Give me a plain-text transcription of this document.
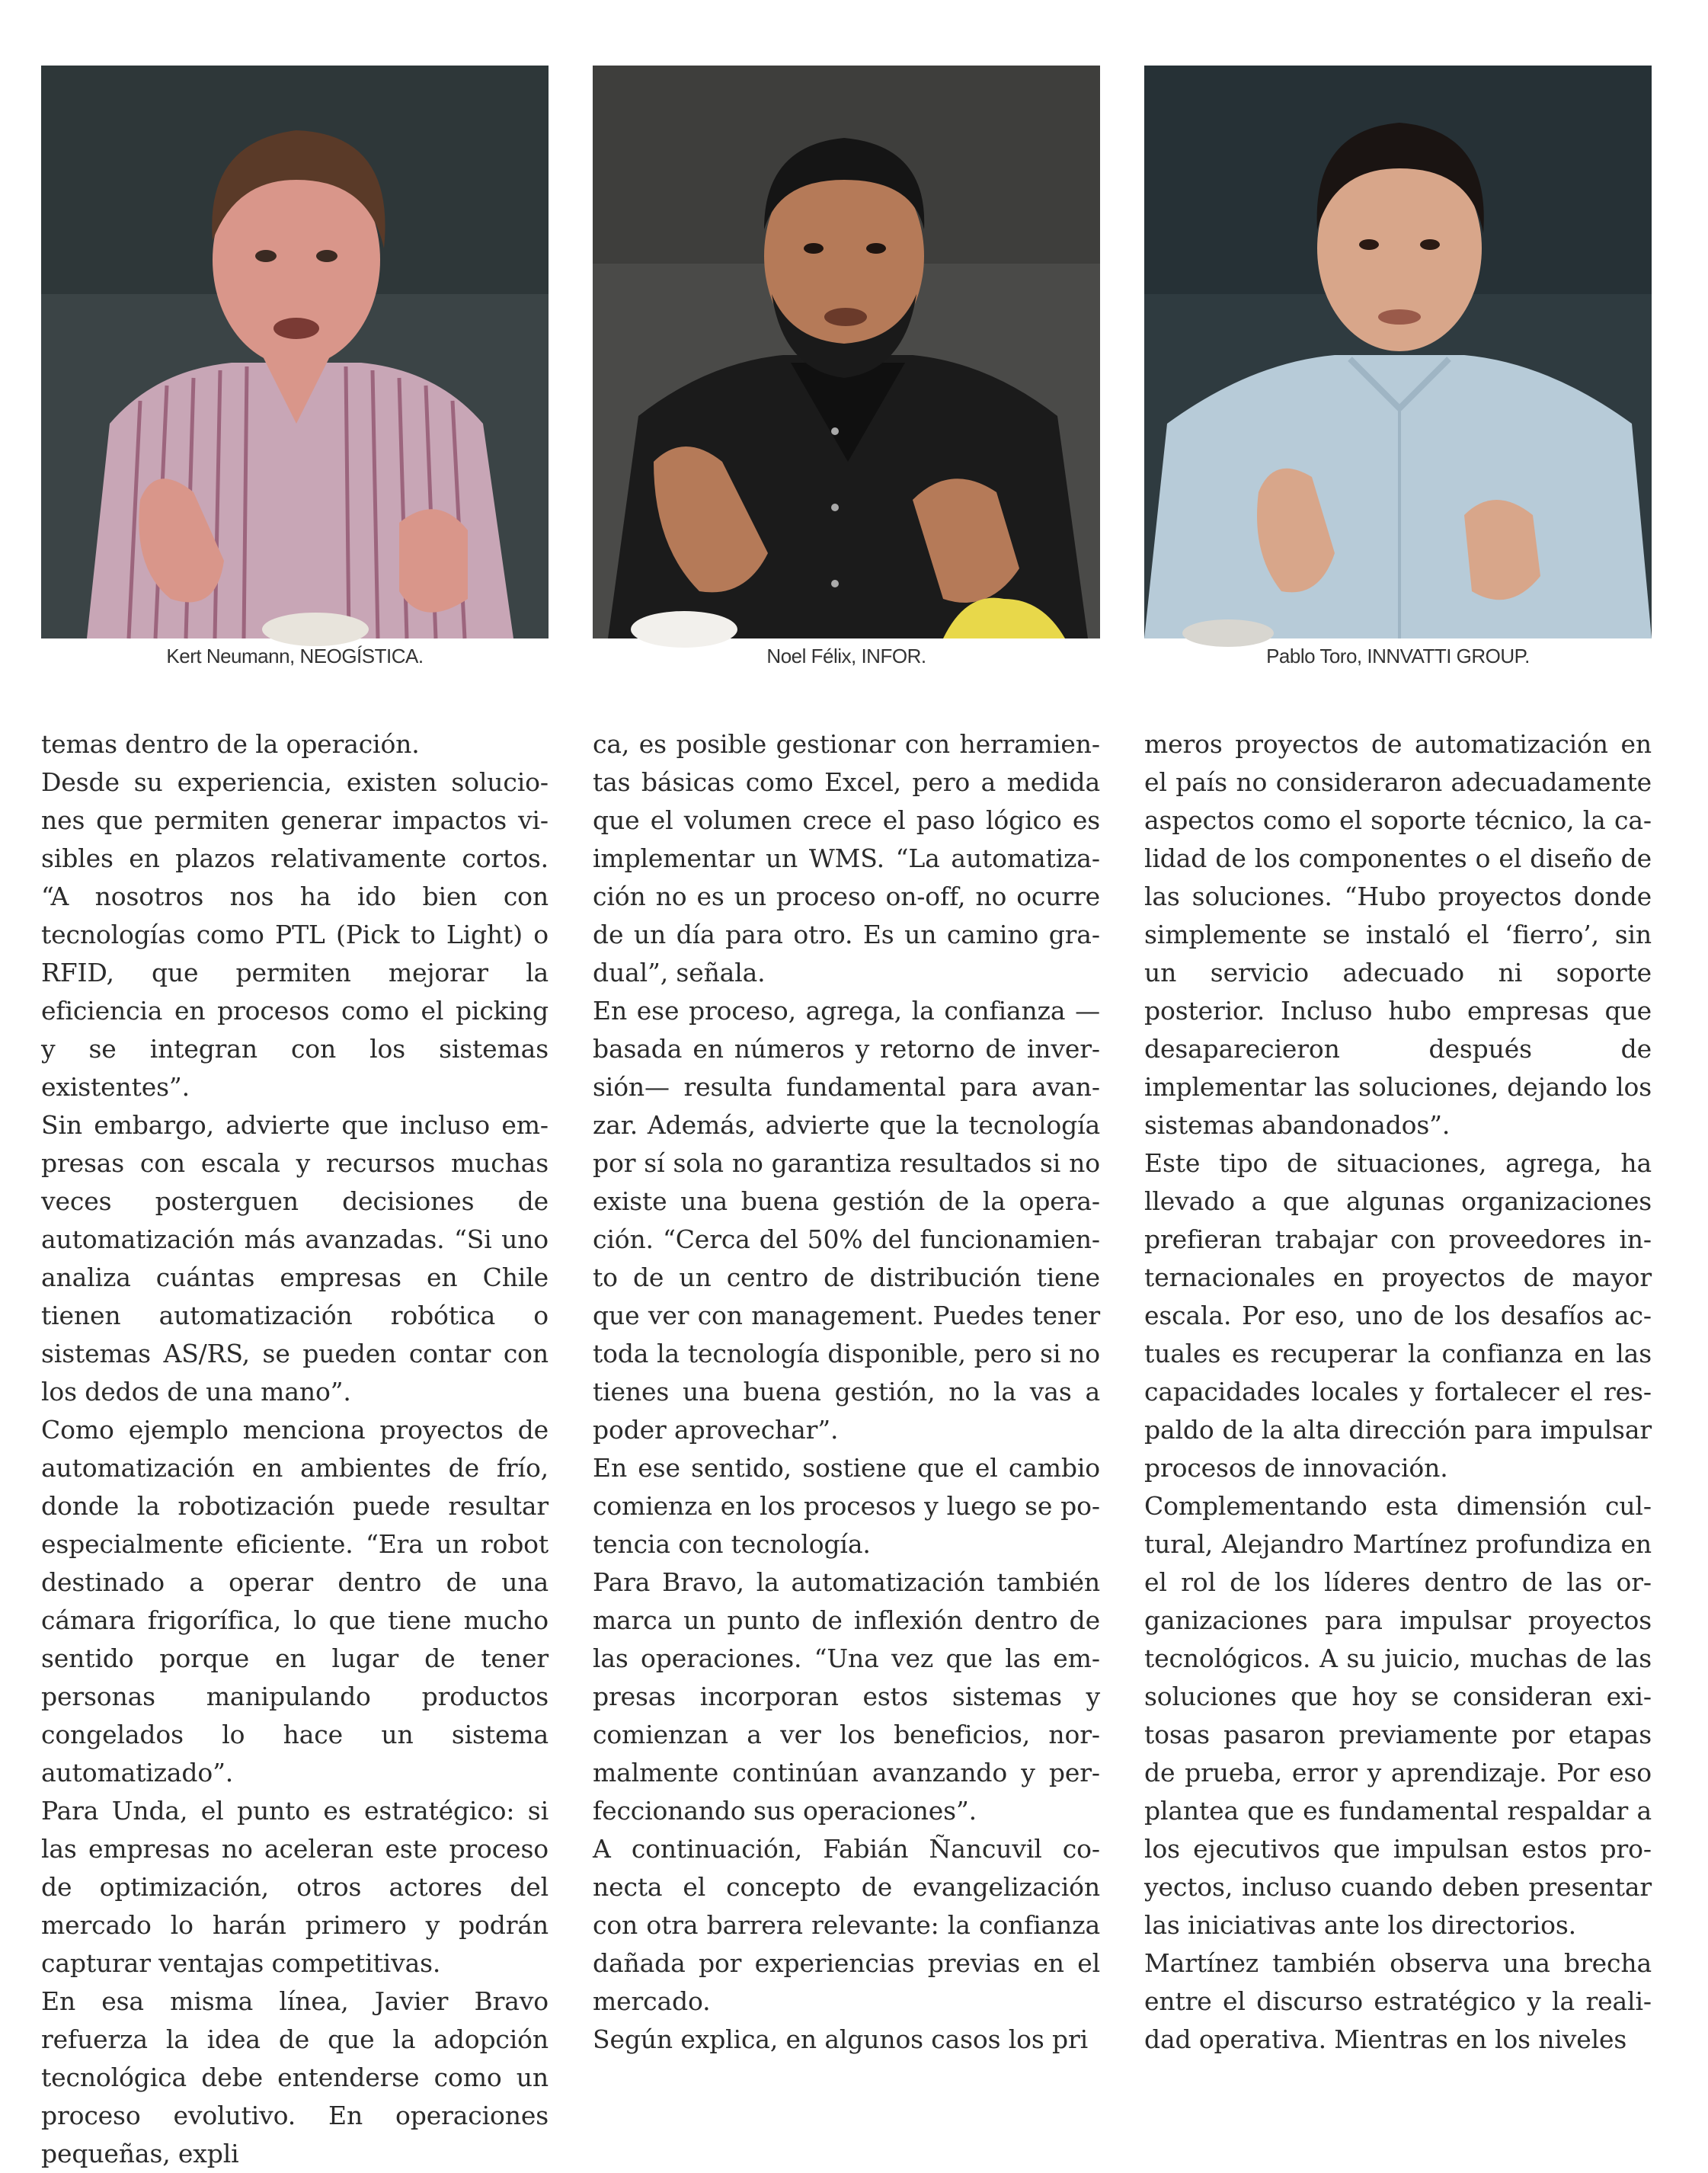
Kert Neumann, NEOGÍSTICA.	Noel Félix, INFOR.	Pablo Toro, INNVATTI GROUP.

temas dentro de la operación.

Desde su experiencia, existen soluciones que permiten generar impactos visibles en plazos relativamente cortos. “A nosotros nos ha ido bien con tecnologías como PTL (Pick to Light) o RFID, que permiten mejorar la eficiencia en procesos como el picking y se integran con los sistemas existentes”.

Sin embargo, advierte que incluso empresas con escala y recursos muchas veces posterguen decisiones de automatización más avanzadas. “Si uno analiza cuántas empresas en Chile tienen automatización robótica o sistemas AS/RS, se pueden contar con los dedos de una mano”.

Como ejemplo menciona proyectos de automatización en ambientes de frío, donde la robotización puede resultar especialmente eficiente. “Era un robot destinado a operar dentro de una cámara frigorífica, lo que tiene mucho sentido porque en lugar de tener personas manipulando productos congelados lo hace un sistema automatizado”.

Para Unda, el punto es estratégico: si las empresas no aceleran este proceso de optimización, otros actores del mercado lo harán primero y podrán capturar ventajas competitivas.

En esa misma línea, Javier Bravo refuerza la idea de que la adopción tecnológica debe entenderse como un proceso evolutivo. En operaciones pequeñas, expli

ca, es posible gestionar con herramientas básicas como Excel, pero a medida que el volumen crece el paso lógico es implementar un WMS. “La automatización no es un proceso on-off, no ocurre de un día para otro. Es un camino gradual”, señala.

En ese proceso, agrega, la confianza —basada en números y retorno de inversión— resulta fundamental para avanzar. Además, advierte que la tecnología por sí sola no garantiza resultados si no existe una buena gestión de la operación. “Cerca del 50% del funcionamiento de un centro de distribución tiene que ver con management. Puedes tener toda la tecnología disponible, pero si no tienes una buena gestión, no la vas a poder aprovechar”.

En ese sentido, sostiene que el cambio comienza en los procesos y luego se potencia con tecnología.

Para Bravo, la automatización también marca un punto de inflexión dentro de las operaciones. “Una vez que las empresas incorporan estos sistemas y comienzan a ver los beneficios, normalmente continúan avanzando y perfeccionando sus operaciones”.

A continuación, Fabián Ñancuvil conecta el concepto de evangelización con otra barrera relevante: la confianza dañada por experiencias previas en el mercado.

Según explica, en algunos casos los pri

meros proyectos de automatización en el país no consideraron adecuadamente aspectos como el soporte técnico, la calidad de los componentes o el diseño de las soluciones. “Hubo proyectos donde simplemente se instaló el ‘fierro’, sin un servicio adecuado ni soporte posterior. Incluso hubo empresas que desaparecieron después de implementar las soluciones, dejando los sistemas abandonados”.

Este tipo de situaciones, agrega, ha llevado a que algunas organizaciones prefieran trabajar con proveedores internacionales en proyectos de mayor escala. Por eso, uno de los desafíos actuales es recuperar la confianza en las capacidades locales y fortalecer el respaldo de la alta dirección para impulsar procesos de innovación.

Complementando esta dimensión cultural, Alejandro Martínez profundiza en el rol de los líderes dentro de las organizaciones para impulsar proyectos tecnológicos. A su juicio, muchas de las soluciones que hoy se consideran exitosas pasaron previamente por etapas de prueba, error y aprendizaje. Por eso plantea que es fundamental respaldar a los ejecutivos que impulsan estos proyectos, incluso cuando deben presentar las iniciativas ante los directorios.

Martínez también observa una brecha entre el discurso estratégico y la realidad operativa. Mientras en los niveles
